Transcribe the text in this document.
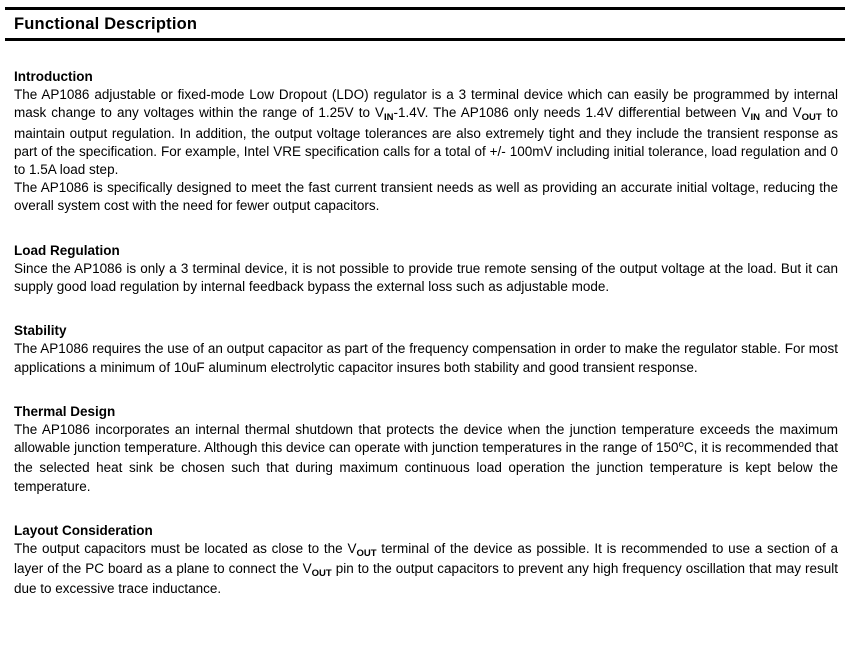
Functional Description
Introduction

The AP1086 adjustable or fixed-mode Low Dropout (LDO) regulator is a 3 terminal device which can easily be programmed by internal mask change to any voltages within the range of 1.25V to $V_{IN}-1.4V$. The AP1086 only needs 1.4V differential between $V_{IN}$ and $V_{OUT}$ to maintain output regulation. In addition, the output voltage tolerances are also extremely tight and they include the transient response as part of the specification. For example, Intel VRE specification calls for a total of +/- 100mV including initial tolerance, load regulation and 0 to 1.5A load step.

The AP1086 is specifically designed to meet the fast current transient needs as well as providing an accurate initial voltage, reducing the overall system cost with the need for fewer output capacitors.

Load Regulation

Since the AP1086 is only a 3 terminal device, it is not possible to provide true remote sensing of the output voltage at the load. But it can supply good load regulation by internal feedback bypass the external loss such as adjustable mode.

Stability

The AP1086 requires the use of an output capacitor as part of the frequency compensation in order to make the regulator stable. For most applications a minimum of 10uF aluminum electrolytic capacitor insures both stability and good transient response.

Thermal Design

The AP1086 incorporates an internal thermal shutdown that protects the device when the junction temperature exceeds the maximum allowable junction temperature. Although this device can operate with junction temperatures in the range of 150$^o$C, it is recommended that the selected heat sink be chosen such that during maximum continuous load operation the junction temperature is kept below the temperature.

Layout Consideration

The output capacitors must be located as close to the $V_{OUT}$ terminal of the device as possible. It is recommended to use a section of a layer of the PC board as a plane to connect the $V_{OUT}$ pin to the output capacitors to prevent any high frequency oscillation that may result due to excessive trace inductance.
